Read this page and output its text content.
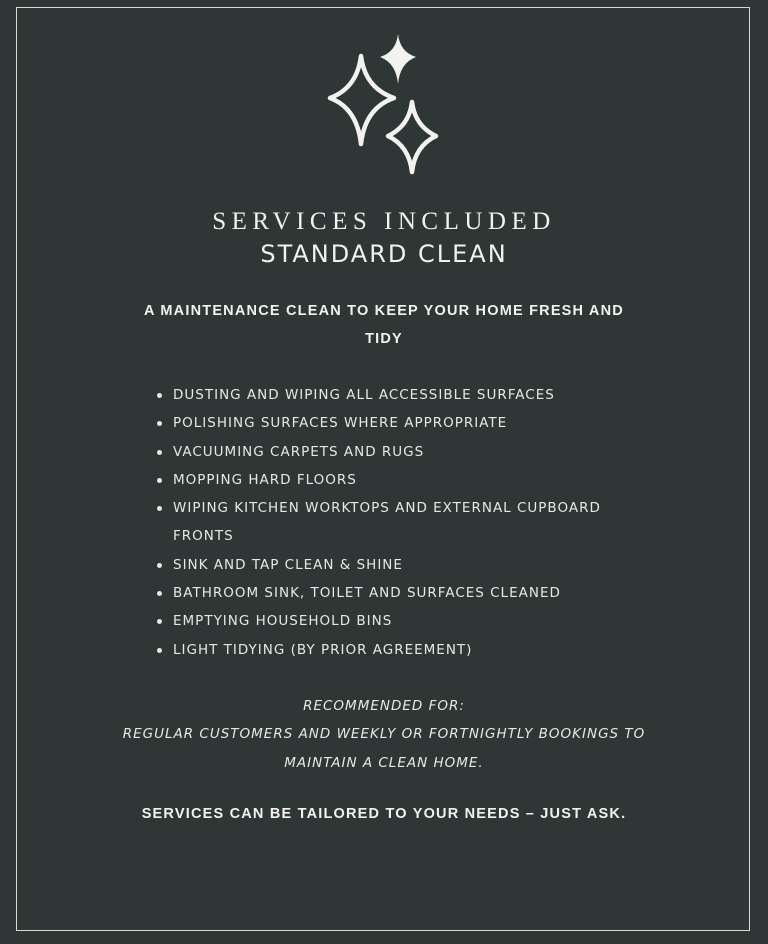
SERVICES INCLUDED
STANDARD CLEAN
A MAINTENANCE CLEAN TO KEEP YOUR HOME FRESH AND TIDY
DUSTING AND WIPING ALL ACCESSIBLE SURFACES
POLISHING SURFACES WHERE APPROPRIATE
VACUUMING CARPETS AND RUGS
MOPPING HARD FLOORS
WIPING KITCHEN WORKTOPS AND EXTERNAL CUPBOARD FRONTS
SINK AND TAP CLEAN & SHINE
BATHROOM SINK, TOILET AND SURFACES CLEANED
EMPTYING HOUSEHOLD BINS
LIGHT TIDYING (BY PRIOR AGREEMENT)
RECOMMENDED FOR:
REGULAR CUSTOMERS AND WEEKLY OR FORTNIGHTLY BOOKINGS TO MAINTAIN A CLEAN HOME.
SERVICES CAN BE TAILORED TO YOUR NEEDS – JUST ASK.
